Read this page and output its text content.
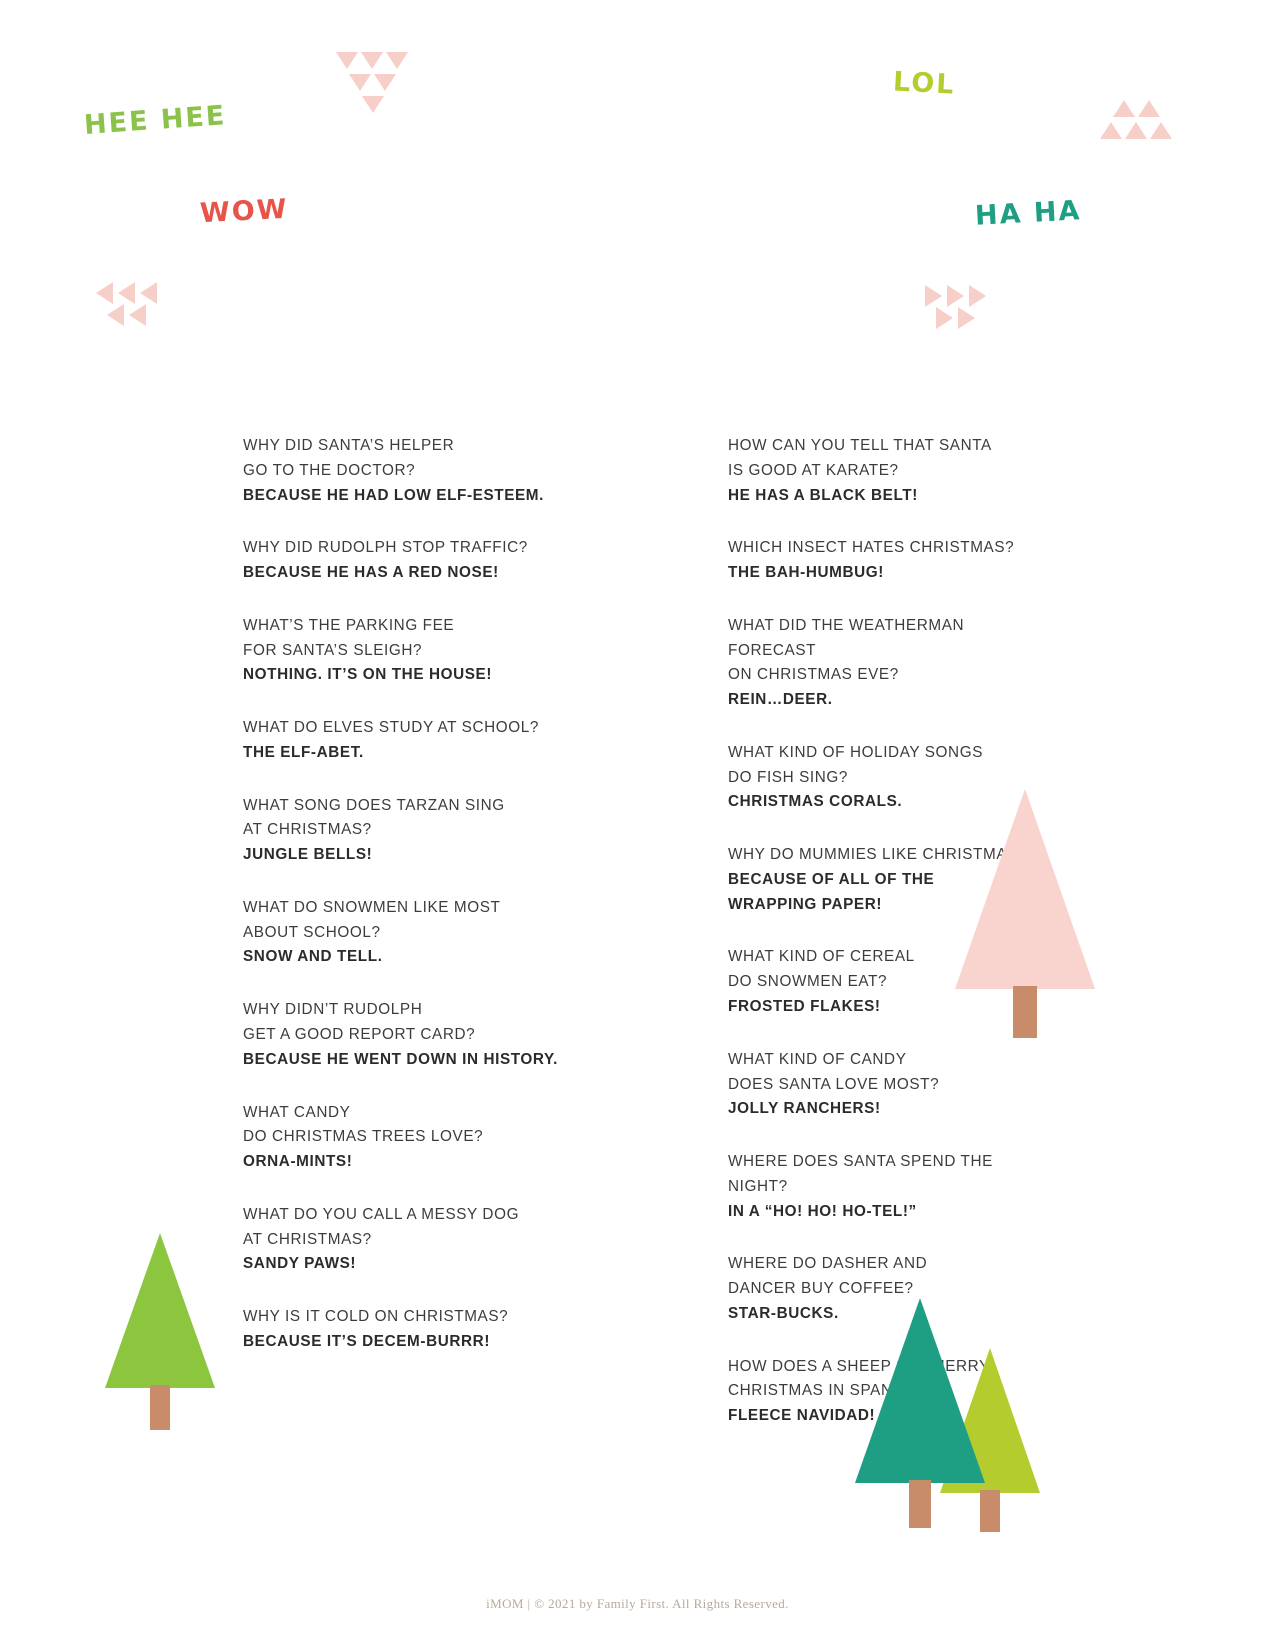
HEE HEE
WOW
LOL
HA HA
WHY DID SANTA’S HELPER
GO TO THE DOCTOR?
BECAUSE HE HAD LOW ELF-ESTEEM.
WHY DID RUDOLPH STOP TRAFFIC?
BECAUSE HE HAS A RED NOSE!
WHAT’S THE PARKING FEE
FOR SANTA’S SLEIGH?
NOTHING. IT’S ON THE HOUSE!
WHAT DO ELVES STUDY AT SCHOOL?
THE ELF-ABET.
WHAT SONG DOES TARZAN SING
AT CHRISTMAS?
JUNGLE BELLS!
WHAT DO SNOWMEN LIKE MOST
ABOUT SCHOOL?
SNOW AND TELL.
WHY DIDN’T RUDOLPH
GET A GOOD REPORT CARD?
BECAUSE HE WENT DOWN IN HISTORY.
WHAT CANDY
DO CHRISTMAS TREES LOVE?
ORNA-MINTS!
WHAT DO YOU CALL A MESSY DOG
AT CHRISTMAS?
SANDY PAWS!
WHY IS IT COLD ON CHRISTMAS?
BECAUSE IT’S DECEM-BURRR!
HOW CAN YOU TELL THAT SANTA
IS GOOD AT KARATE?
HE HAS A BLACK BELT!
WHICH INSECT HATES CHRISTMAS?
THE BAH-HUMBUG!
WHAT DID THE WEATHERMAN FORECAST
ON CHRISTMAS EVE?
REIN…DEER.
WHAT KIND OF HOLIDAY SONGS
DO FISH SING?
CHRISTMAS CORALS.
WHY DO MUMMIES LIKE CHRISTMAS?
BECAUSE OF ALL OF THE
WRAPPING PAPER!
WHAT KIND OF CEREAL
DO SNOWMEN EAT?
FROSTED FLAKES!
WHAT KIND OF CANDY
DOES SANTA LOVE MOST?
JOLLY RANCHERS!
WHERE DOES SANTA SPEND THE NIGHT?
IN A “HO! HO! HO-TEL!”
WHERE DO DASHER AND
DANCER BUY COFFEE?
STAR-BUCKS.
HOW DOES A SHEEP SAY MERRY
CHRISTMAS IN SPANISH?
FLEECE NAVIDAD!
iMOM | © 2021 by Family First. All Rights Reserved.
